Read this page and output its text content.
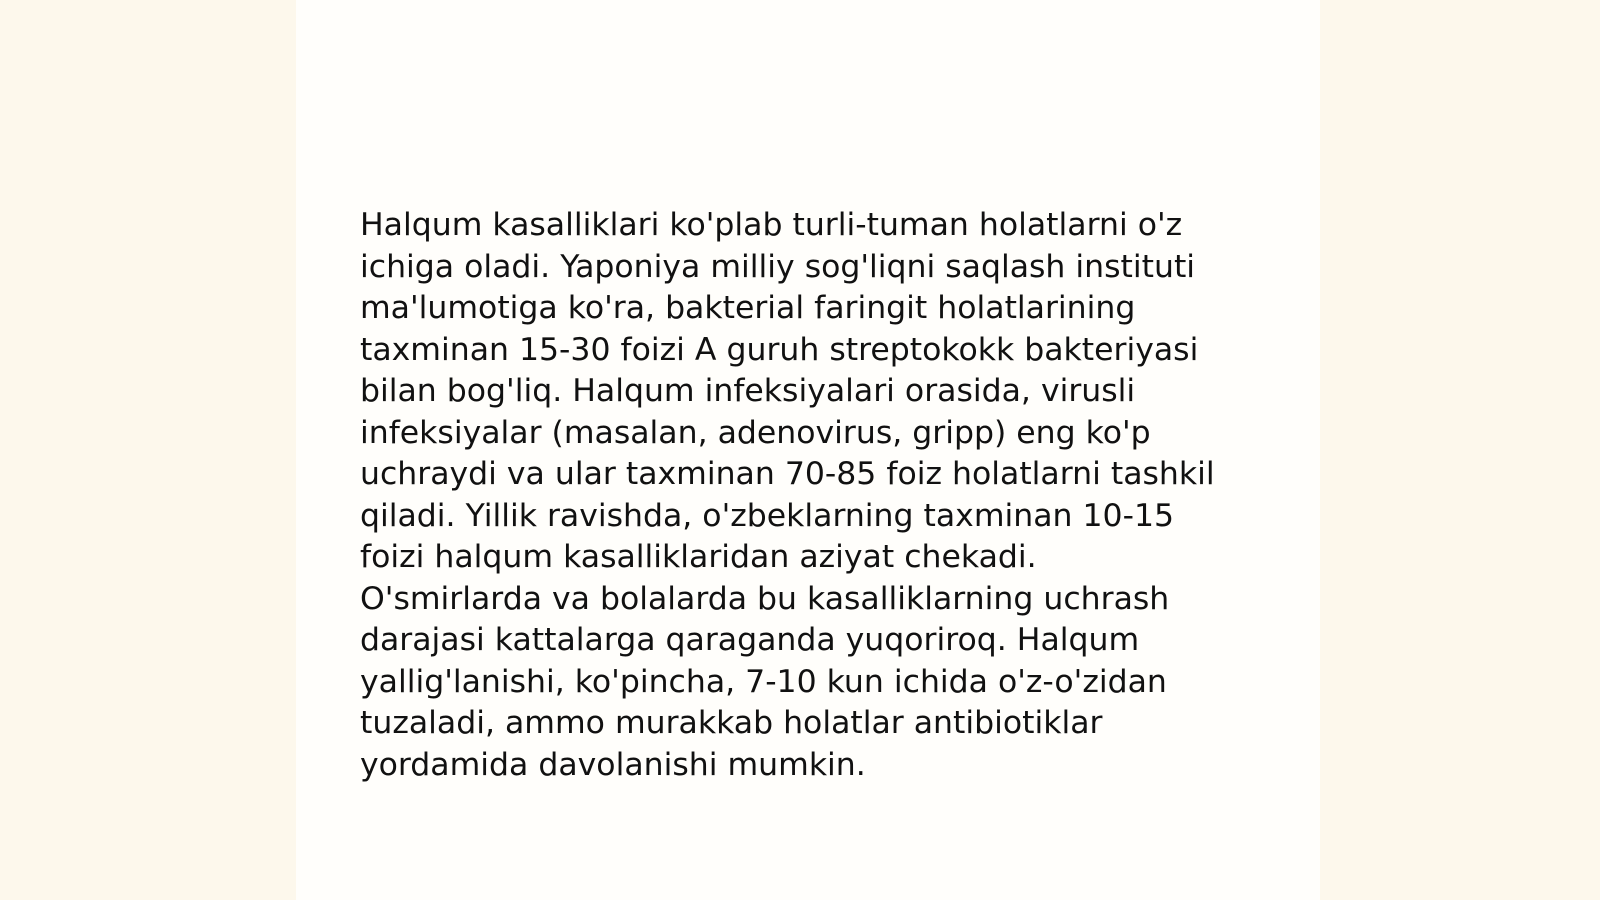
Halqum kasalliklari ko'plab turli-tuman holatlarni o'z
ichiga oladi. Yaponiya milliy sog'liqni saqlash instituti
ma'lumotiga ko'ra, bakterial faringit holatlarining
taxminan 15-30 foizi A guruh streptokokk bakteriyasi
bilan bog'liq. Halqum infeksiyalari orasida, virusli
infeksiyalar (masalan, adenovirus, gripp) eng ko'p
uchraydi va ular taxminan 70-85 foiz holatlarni tashkil
qiladi. Yillik ravishda, o'zbeklarning taxminan 10-15
foizi halqum kasalliklaridan aziyat chekadi.
O'smirlarda va bolalarda bu kasalliklarning uchrash
darajasi kattalarga qaraganda yuqoriroq. Halqum
yallig'lanishi, ko'pincha, 7-10 kun ichida o'z-o'zidan
tuzaladi, ammo murakkab holatlar antibiotiklar
yordamida davolanishi mumkin.
